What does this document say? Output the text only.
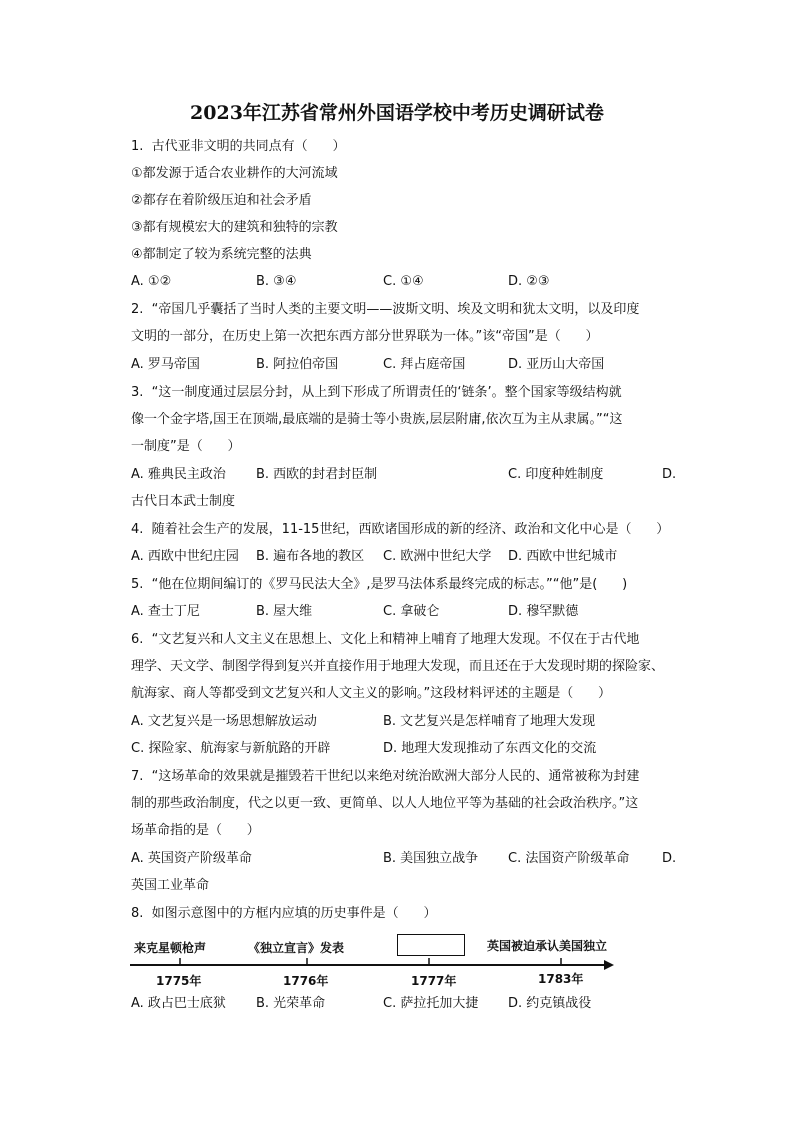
2023年江苏省常州外国语学校中考历史调研试卷
1.  古代亚非文明的共同点有（      ）
①都发源于适合农业耕作的大河流域
②都存在着阶级压迫和社会矛盾
③都有规模宏大的建筑和独特的宗教
④都制定了较为系统完整的法典
A. ①②	B. ③④	C. ①④	D. ②③
2.  “帝国几乎囊括了当时人类的主要文明——波斯文明、埃及文明和犹太文明，以及印度
文明的一部分，在历史上第一次把东西方部分世界联为一体。”该“帝国”是（      ）
A. 罗马帝国	B. 阿拉伯帝国	C. 拜占庭帝国	D. 亚历山大帝国
3.  “这一制度通过层层分封，从上到下形成了所谓责任的‘链条’。整个国家等级结构就
像一个金字塔,国王在顶端,最底端的是骑士等小贵族,层层附庸,依次互为主从隶属。”“这
一制度”是（      ）
A. 雅典民主政治 B. 西欧的封君封臣制	C. 印度种姓制度	D.
古代日本武士制度
4.  随着社会生产的发展，11-15世纪，西欧诸国形成的新的经济、政治和文化中心是（      ）
A. 西欧中世纪庄园 B. 遍布各地的教区 C. 欧洲中世纪大学 D. 西欧中世纪城市
5.  “他在位期间编订的《罗马民法大全》,是罗马法体系最终完成的标志。”“他”是(      )
A. 查士丁尼	B. 屋大维	C. 拿破仑	D. 穆罕默德
6.  “文艺复兴和人文主义在思想上、文化上和精神上哺育了地理大发现。不仅在于古代地
理学、天文学、制图学得到复兴并直接作用于地理大发现，而且还在于大发现时期的探险家、
航海家、商人等都受到文艺复兴和人文主义的影响。”这段材料评述的主题是（      ）
A. 文艺复兴是一场思想解放运动	B. 文艺复兴是怎样哺育了地理大发现
C. 探险家、航海家与新航路的开辟	D. 地理大发现推动了东西文化的交流
7.  “这场革命的效果就是摧毁若干世纪以来绝对统治欧洲大部分人民的、通常被称为封建
制的那些政治制度，代之以更一致、更简单、以人人地位平等为基础的社会政治秩序。”这
场革命指的是（      ）
A. 英国资产阶级革命	B. 美国独立战争 C. 法国资产阶级革命	D.
英国工业革命
8.  如图示意图中的方框内应填的历史事件是（      ）
来克星顿枪声	《独立宣言》发表	英国被迫承认美国独立
1775年	1776年	1777年	1783年
A. 政占巴士底狱 B. 光荣革命	C. 萨拉托加大捷 D. 约克镇战役
